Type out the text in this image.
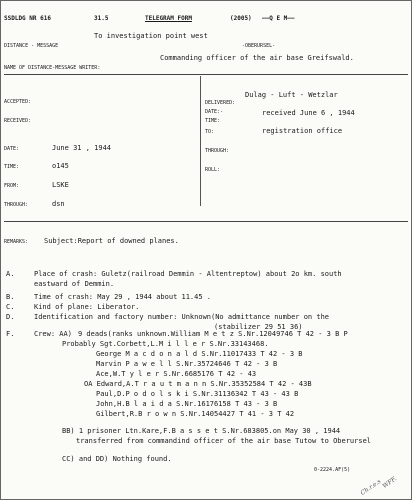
SSDLDG NR 616	31.5	TELEGRAM FORM	(2005) ——Q E M——
To investigation point west
DISTANCE - MESSAGE	-OBERURSEL-
Commanding officer of the air base Greifswald.
NAME OF DISTANCE-MESSAGE WRITER:
ACCEPTED:
RECEIVED:
DATE:	June 31 , 1944
TIME:	o145
FROM:	LSKE
THROUGH:	dsn
Dulag - Luft - Wetzlar
DELIVERED:
DATE:-	received June 6 , 1944
TIME:
TO:	registration office
THROUGH:
ROLL:
REMARKS: Subject:Report of downed planes.
A.	Place of crash: Guletz(railroad Demmin - Altentreptow) about 2o km. south
eastward of Demmin.
B.	Time of crash: May 29 , 1944 about 11.45 .
C.	Kind of plane: Liberator.
D.	Identification and factory number: Unknown(No admittance number on the
(stabilizer 29 51 36)
F.	Crew: AA) 9 deads(ranks unknown.William M e t z S.Nr.12049746 T 42 - 3 B P
Probably Sgt.Corbett,L.M i l l e r S.Nr.33143468.
George M a c d o n a l d S.Nr.11017433 T 42 - 3 B
Marvin P a w e l l S.Nr.35724646 T 42 - 3 B
Ace,W.T y l e r S.Nr.6685176 T 42 - 43
OA Edward,A.T r a u t m a n n S.Nr.35352584 T 42 - 43B
Paul,D.P o d o l s k i S.Nr.31136342 T 43 - 43 B
John,H.B l a i d a S.Nr.16176158 T 43 - 3 B
Gilbert,R.B r o w n S.Nr.14054427 T 41 - 3 T 42
BB) 1 prisoner Ltn.Kare,F.B a s s e t S.Nr.683805.on May 30 , 1944
transferred from commandind officer of the air base Tutow to Oberursel
CC) and DD) Nothing found.
0-2224.AF(5)
Ch.r.e.s WFF.
